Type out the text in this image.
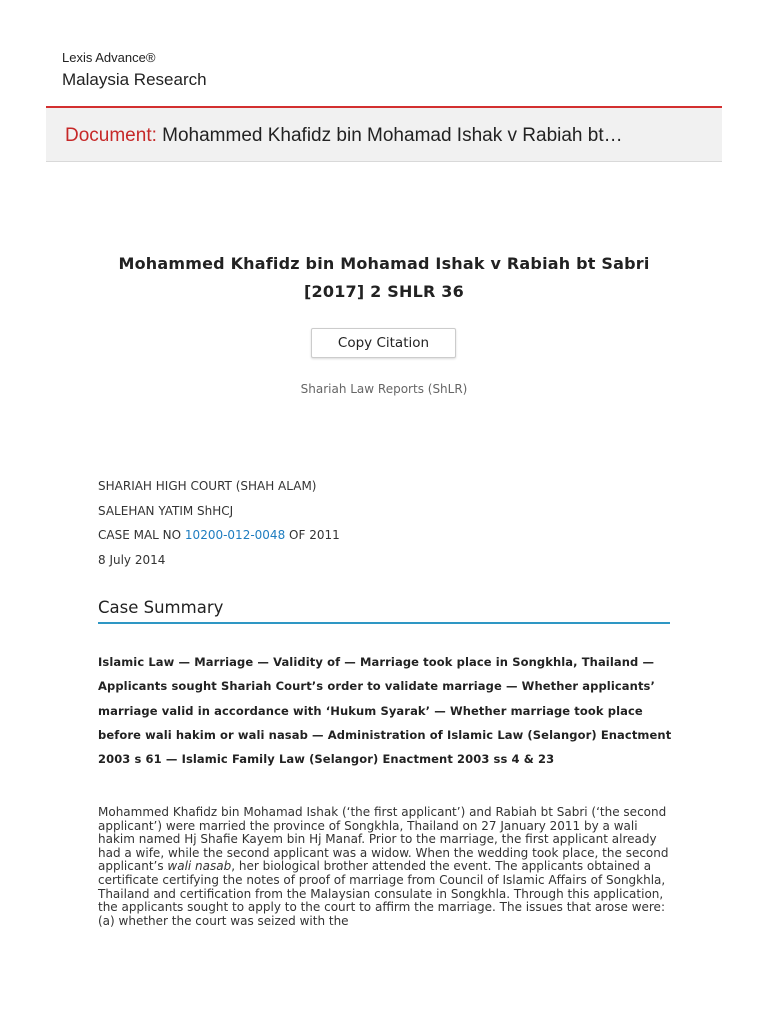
Lexis Advance®
Malaysia Research
Document: Mohammed Khafidz bin Mohamad Ishak v Rabiah bt…
Mohammed Khafidz bin Mohamad Ishak v Rabiah bt Sabri
[2017] 2 SHLR 36
Copy Citation
Shariah Law Reports (ShLR)
SHARIAH HIGH COURT (SHAH ALAM)
SALEHAN YATIM ShHCJ
CASE MAL NO 10200-012-0048 OF 2011
8 July 2014
Case Summary
Islamic Law — Marriage — Validity of — Marriage took place in Songkhla, Thailand — Applicants sought Shariah Court’s order to validate marriage — Whether applicants’ marriage valid in accordance with ‘Hukum Syarak’ — Whether marriage took place before wali hakim or wali nasab — Administration of Islamic Law (Selangor) Enactment 2003 s 61 — Islamic Family Law (Selangor) Enactment 2003 ss 4 & 23
Mohammed Khafidz bin Mohamad Ishak (‘the first applicant’) and Rabiah bt Sabri (‘the second applicant’) were married the province of Songkhla, Thailand on 27 January 2011 by a wali hakim named Hj Shafie Kayem bin Hj Manaf. Prior to the marriage, the first applicant already had a wife, while the second applicant was a widow. When the wedding took place, the second applicant’s wali nasab, her biological brother attended the event. The applicants obtained a certificate certifying the notes of proof of marriage from Council of Islamic Affairs of Songkhla, Thailand and certification from the Malaysian consulate in Songkhla. Through this application, the applicants sought to apply to the court to affirm the marriage. The issues that arose were: (a) whether the court was seized with the
